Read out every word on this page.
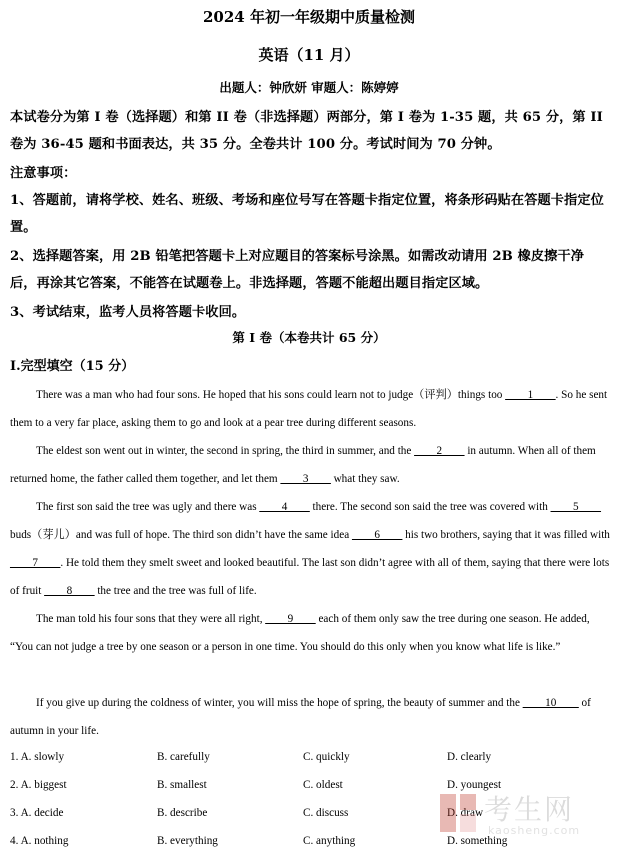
2024 年初一年级期中质量检测
英语（11 月）
出题人：钟欣妍 审题人：陈婷婷
本试卷分为第 I 卷（选择题）和第 II 卷（非选择题）两部分，第 I 卷为 1-35 题，共 65 分，第 II 卷为 36-45 题和书面表达，共 35 分。全卷共计 100 分。考试时间为 70 分钟。
注意事项：
1、答题前，请将学校、姓名、班级、考场和座位号写在答题卡指定位置，将条形码贴在答题卡指定位置。
2、选择题答案，用 2B 铅笔把答题卡上对应题目的答案标号涂黑。如需改动请用 2B 橡皮擦干净后，再涂其它答案，不能答在试题卷上。非选择题，答题不能超出题目指定区域。
3、考试结束，监考人员将答题卡收回。
第 I 卷（本卷共计 65 分）
I.完型填空（15 分）
There was a man who had four sons. He hoped that his sons could learn not to judge（评判）things too ____1____. So he sent them to a very far place, asking them to go and look at a pear tree during different seasons.
The eldest son went out in winter, the second in spring, the third in summer, and the ____2____ in autumn. When all of them returned home, the father called them together, and let them ____3____ what they saw.
The first son said the tree was ugly and there was ____4____ there. The second son said the tree was covered with ____5____ buds（芽儿）and was full of hope. The third son didn’t have the same idea ____6____ his two brothers, saying that it was filled with ____7____. He told them they smelt sweet and looked beautiful. The last son didn’t agree with all of them, saying that there were lots of fruit ____8____ the tree and the tree was full of life.
The man told his four sons that they were all right, ____9____ each of them only saw the tree during one season. He added, “You can not judge a tree by one season or a person in one time. You should do this only when you know what life is like.”
If you give up during the coldness of winter, you will miss the hope of spring, the beauty of summer and the ____10____ of autumn in your life.
1. A. slowly	B. carefully	C. quickly	D. clearly
2. A. biggest	B. smallest	C. oldest	D. youngest
3. A. decide	B. describe	C. discuss	D. draw
4. A. nothing	B. everything	C. anything	D. something
考生网
kaosheng.com
